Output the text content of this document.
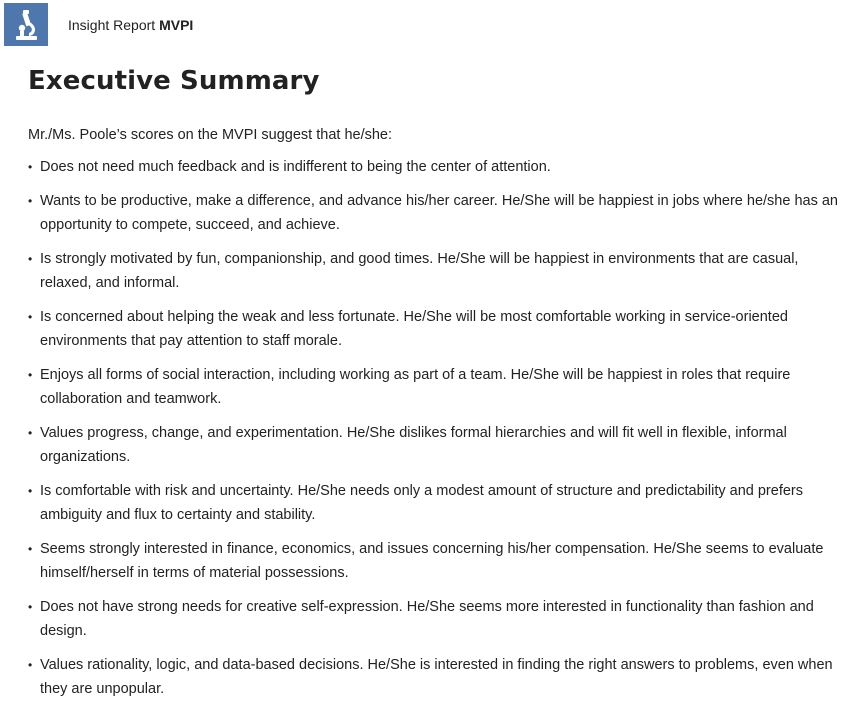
Insight Report MVPI
Executive Summary
Mr./Ms. Poole’s scores on the MVPI suggest that he/she:
• Does not need much feedback and is indifferent to being the center of attention.
• Wants to be productive, make a difference, and advance his/her career. He/She will be happiest in jobs where he/she has an opportunity to compete, succeed, and achieve.
• Is strongly motivated by fun, companionship, and good times. He/She will be happiest in environments that are casual, relaxed, and informal.
• Is concerned about helping the weak and less fortunate. He/She will be most comfortable working in service-oriented environments that pay attention to staff morale.
• Enjoys all forms of social interaction, including working as part of a team. He/She will be happiest in roles that require collaboration and teamwork.
• Values progress, change, and experimentation. He/She dislikes formal hierarchies and will fit well in flexible, informal organizations.
• Is comfortable with risk and uncertainty. He/She needs only a modest amount of structure and predictability and prefers ambiguity and flux to certainty and stability.
• Seems strongly interested in finance, economics, and issues concerning his/her compensation. He/She seems to evaluate himself/herself in terms of material possessions.
• Does not have strong needs for creative self-expression. He/She seems more interested in functionality than fashion and design.
• Values rationality, logic, and data-based decisions. He/She is interested in finding the right answers to problems, even when they are unpopular.
